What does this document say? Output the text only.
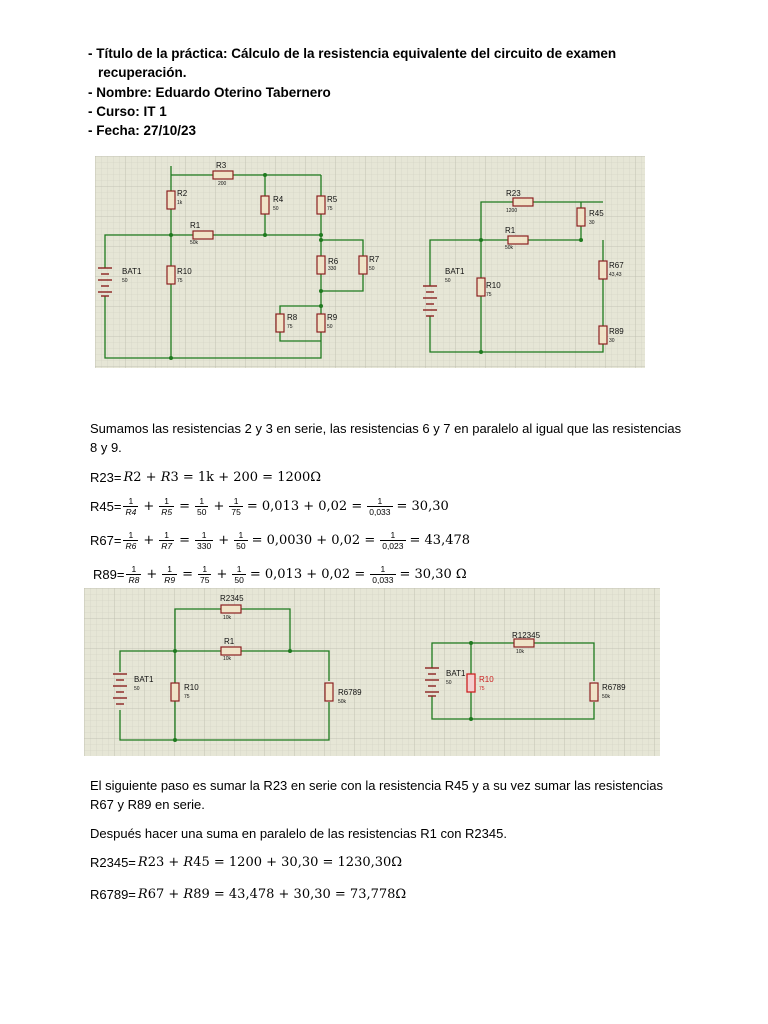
- Título de la práctica: Cálculo de la resistencia equivalente del circuito de examen
recuperación.
- Nombre: Eduardo Oterino Tabernero
- Curso: IT 1
- Fecha: 27/10/23
R2
1k
R3
200
R4
50
R5
75
R1
50k
BAT1
50
R10
75
R6
330
R7
50
R8
75
R9
50
R23
1200	R45
30
R1
50k
BAT1
50	R10
75
R67
43,43
R89
30
Sumamos las resistencias 2 y 3 en serie, las resistencias 6 y 7 en paralelo al igual que las resistencias 8 y 9.
R23= R2 + R3 = 1k + 200 = 1200Ω
$R45= \frac{1}{R4} + \frac{1}{R5} = \frac{1}{50} + \frac{1}{75} = 0,013 + 0,02 = \frac{1}{0,033} = 30,30$
$R67= \frac{1}{R6} + \frac{1}{R7} = \frac{1}{330} + \frac{1}{50} = 0,0030 + 0,02 = \frac{1}{0,023} = 43,478$
$R89= \frac{1}{R8} + \frac{1}{R9} = \frac{1}{75} + \frac{1}{50} = 0,013 + 0,02 = \frac{1}{0,033} = 30,30$ Ω
R2345
10k
R1
10k
BAT1
50	R10
75	R6789
50k
R12345
10k
BAT1
50	R10
75	R6789
50k
El siguiente paso es sumar la R23 en serie con la resistencia R45 y a su vez sumar las resistencias R67 y R89 en serie.
Después hacer una suma en paralelo de las resistencias R1 con R2345.
R2345= R23 + R45 = 1200 + 30,30 = 1230,30Ω
R6789= R67 + R89 = 43,478 + 30,30 = 73,778Ω
